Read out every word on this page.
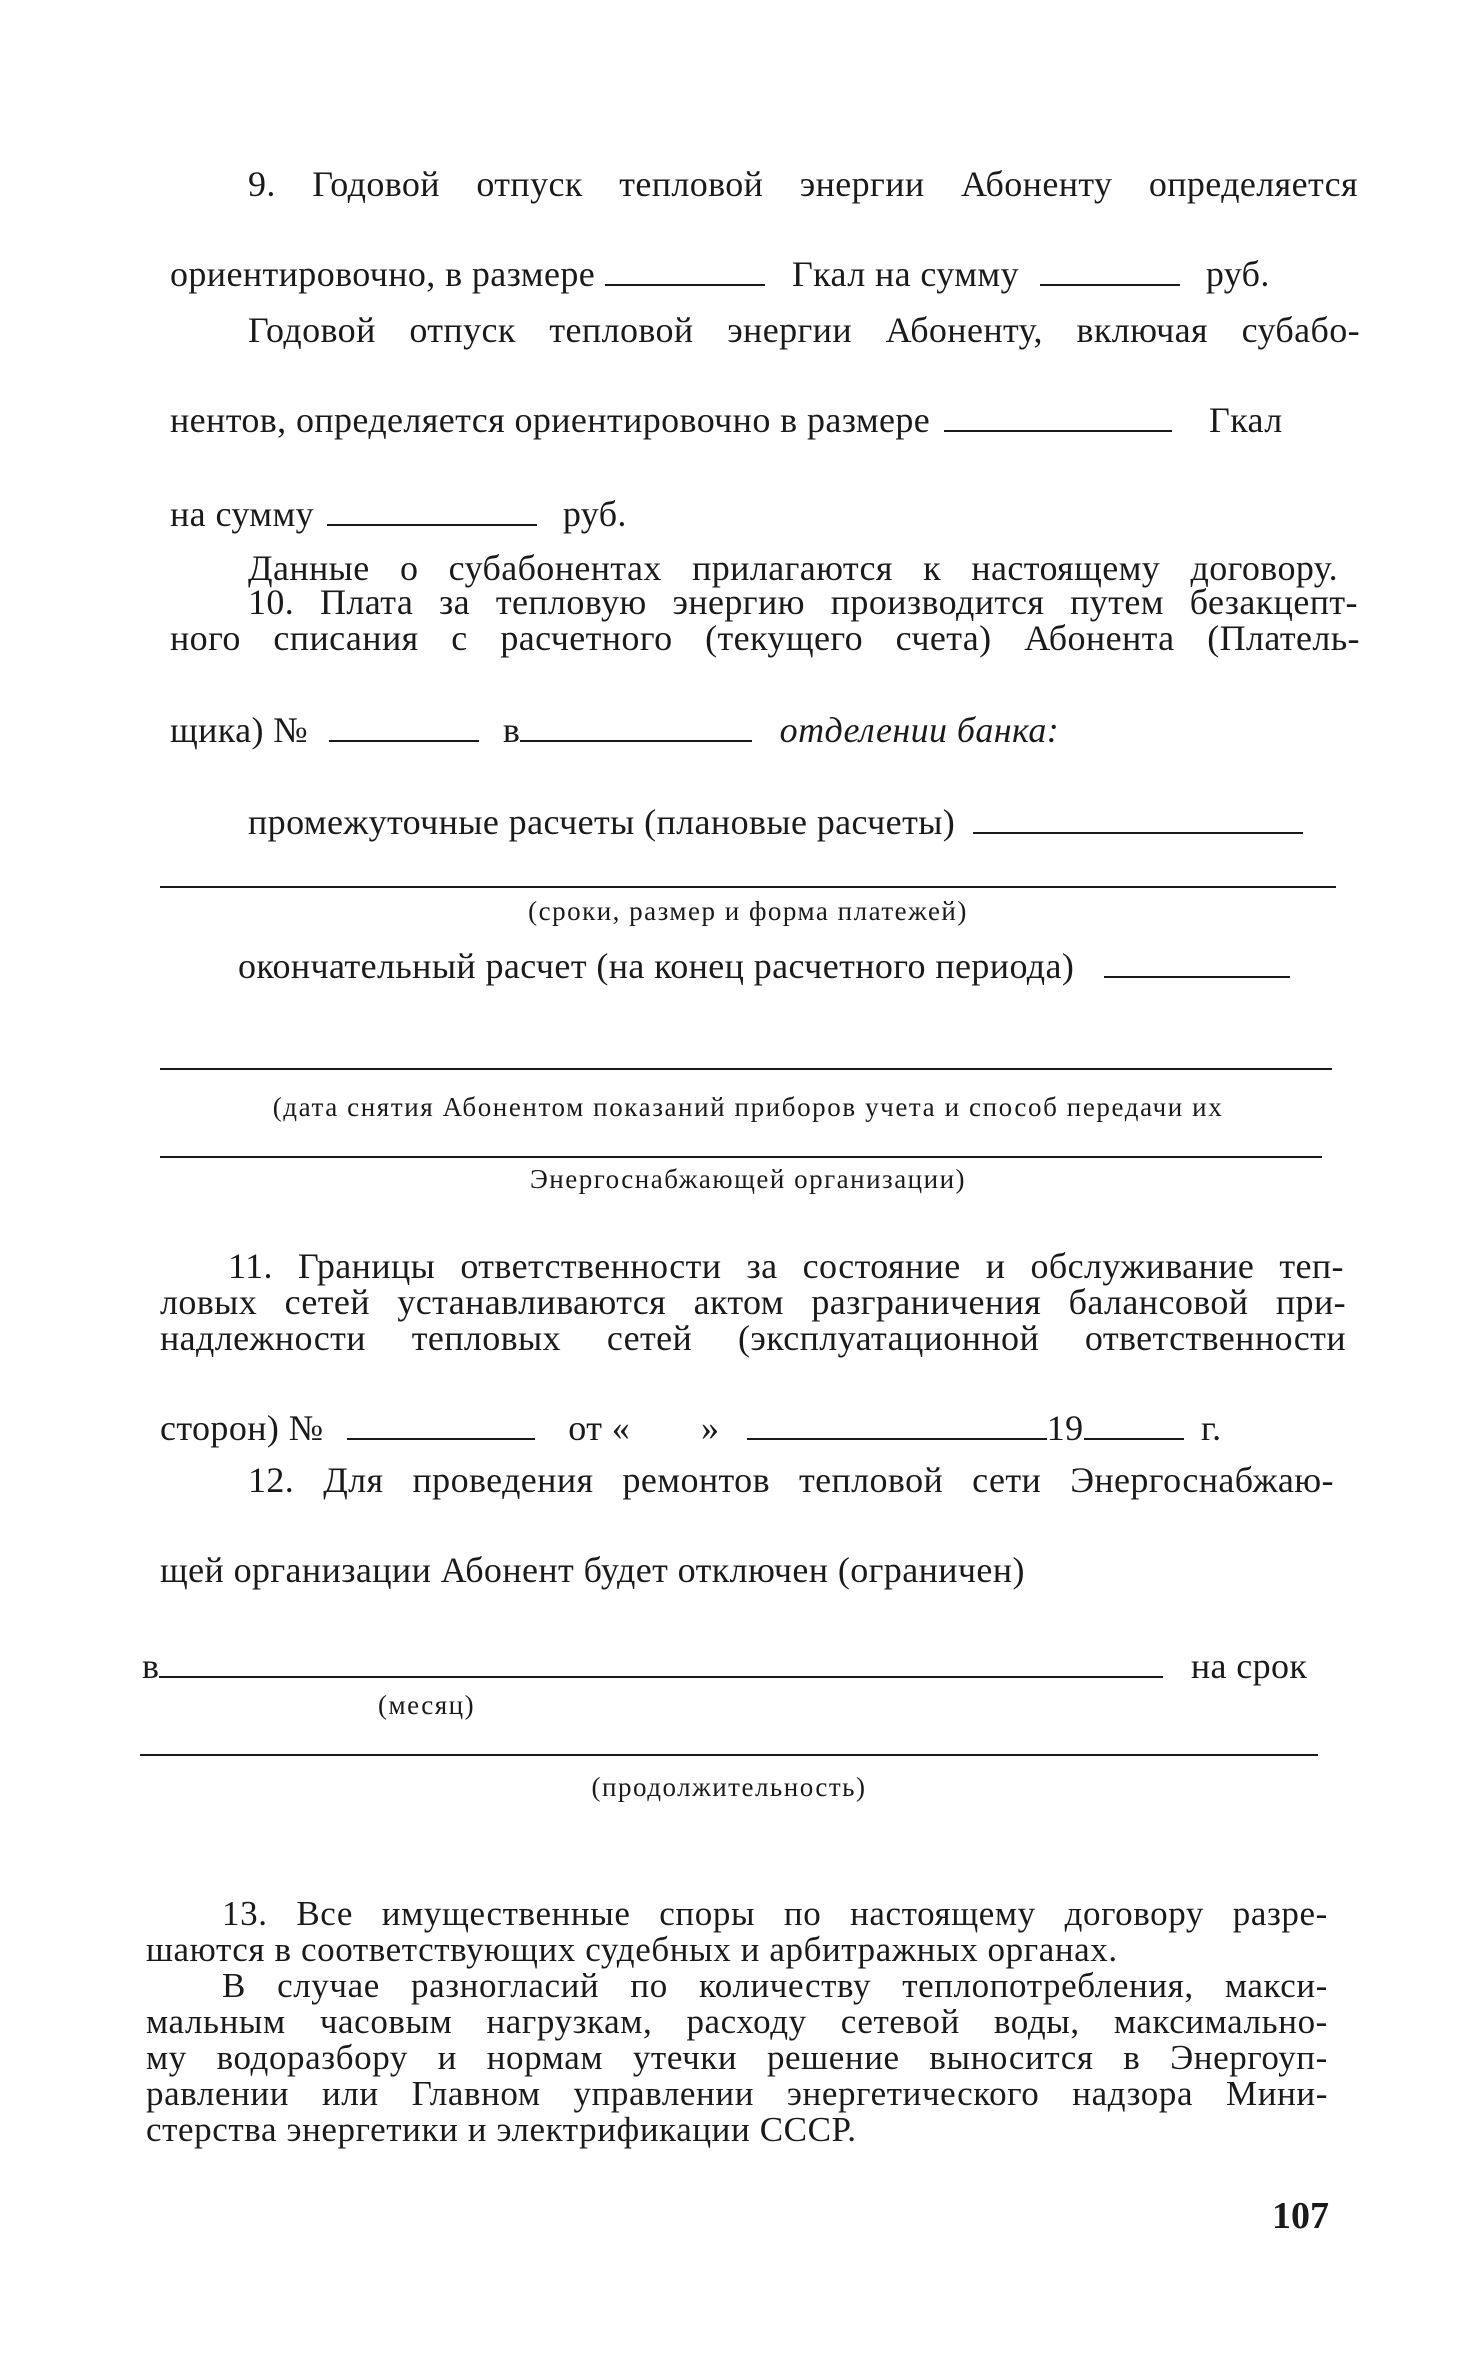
9. Годовой отпуск тепловой энергии Абоненту определяется
ориентировочно, в размере	Гкал на сумму	руб.
Годовой отпуск тепловой энергии Абоненту, включая субабо-
нентов, определяется ориентировочно в размере	Гкал
на сумму	руб.
Данные о субабонентах прилагаются к настоящему договору.
10. Плата за тепловую энергию производится путем безакцепт-
ного списания с расчетного (текущего счета) Абонента (Платель-
щика) №	в	отделении банка:
промежуточные расчеты (плановые расчеты)
(сроки, размер и форма платежей)
окончательный расчет (на конец расчетного периода)
(дата снятия Абонентом показаний приборов учета и способ передачи их
Энергоснабжающей организации)
11. Границы ответственности за состояние и обслуживание теп-
ловых сетей устанавливаются актом разграничения балансовой при-
надлежности тепловых сетей (эксплуатационной ответственности
сторон) №	от « »	19	г.
12. Для проведения ремонтов тепловой сети Энергоснабжаю-
щей организации Абонент будет отключен (ограничен)
в	на срок
(месяц)
(продолжительность)
13. Все имущественные споры по настоящему договору разре-
шаются в соответствующих судебных и арбитражных органах.
В случае разногласий по количеству теплопотребления, макси-
мальным часовым нагрузкам, расходу сетевой воды, максимально-
му водоразбору и нормам утечки решение выносится в Энергоуп-
равлении или Главном управлении энергетического надзора Мини-
стерства энергетики и электрификации СССР.
107
